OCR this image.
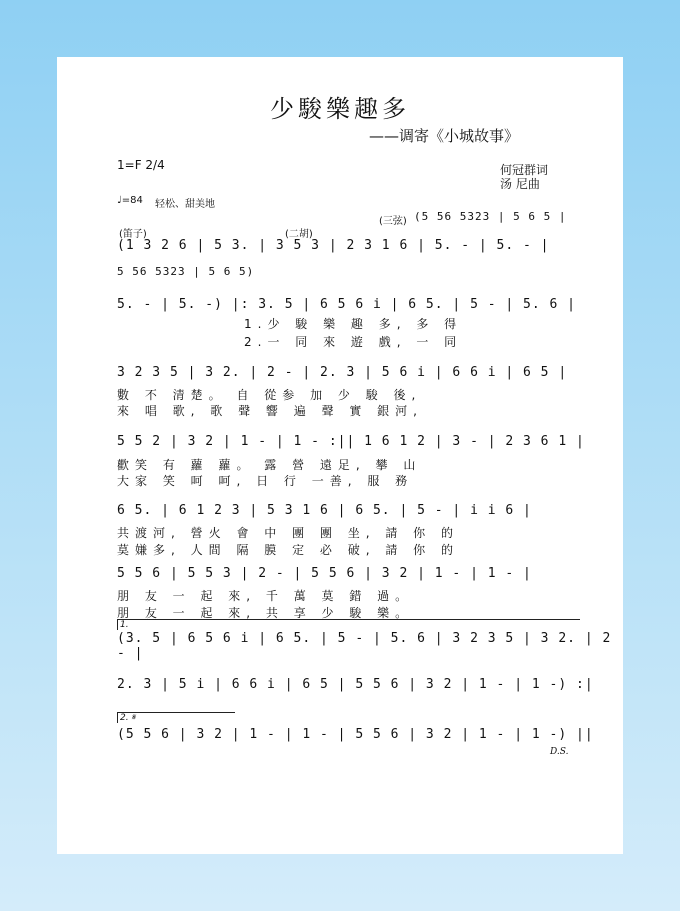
少駿樂趣多
——调寄《小城故事》
1=F 2/4	何冠群词
汤 尼曲
♩=84 轻松、甜美地
(三弦)
(笛子)	(二胡)
(5 56 5323 | 5 6 5 |
(1 3 2 6 | 5 3. | 3 5 3 | 2 3 1 6 | 5. - | 5. - |
5 56 5323 | 5 6 5)
5. - | 5. -) |: 3. 5 | 6 5 6 i | 6 5. | 5 - | 5. 6 |
1.少 駿 樂 趣 多, 多 得
2.一 同 來 遊 戲, 一 同
3 2 3 5 | 3 2. | 2 - | 2. 3 | 5 6 i | 6 6 i | 6 5 |
數 不 清楚。 自 從参 加 少 駿 後,
來 唱 歌, 歌 聲 響 遍 聲 實 銀河,
5 5 2 | 3 2 | 1 - | 1 - :|| 1 6 1 2 | 3 - | 2 3 6 1 |
歡笑 有 蘿 蘿。 露 營 遠足, 攀 山
大家 笑 呵 呵, 日 行 一善, 服 務
6 5. | 6 1 2 3 | 5 3 1 6 | 6 5. | 5 - | i i 6 |
共渡河, 營火 會 中 團 團 坐, 請 你 的
莫嫌多, 人間 隔 膜 定 必 破, 請 你 的
5 5 6 | 5 5 3 | 2 - | 5 5 6 | 3 2 | 1 - | 1 - |
朋 友 一 起 來, 千 萬 莫 錯 過。
朋 友 一 起 來, 共 享 少 駿 樂。
1.
(3. 5 | 6 5 6 i | 6 5. | 5 - | 5. 6 | 3 2 3 5 | 3 2. | 2 - |
2. 3 | 5 i | 6 6 i | 6 5 | 5 5 6 | 3 2 | 1 - | 1 -) :|
2. 𝄋
(5 5 6 | 3 2 | 1 - | 1 - | 5 5 6 | 3 2 | 1 - | 1 -) ||
D.S.
